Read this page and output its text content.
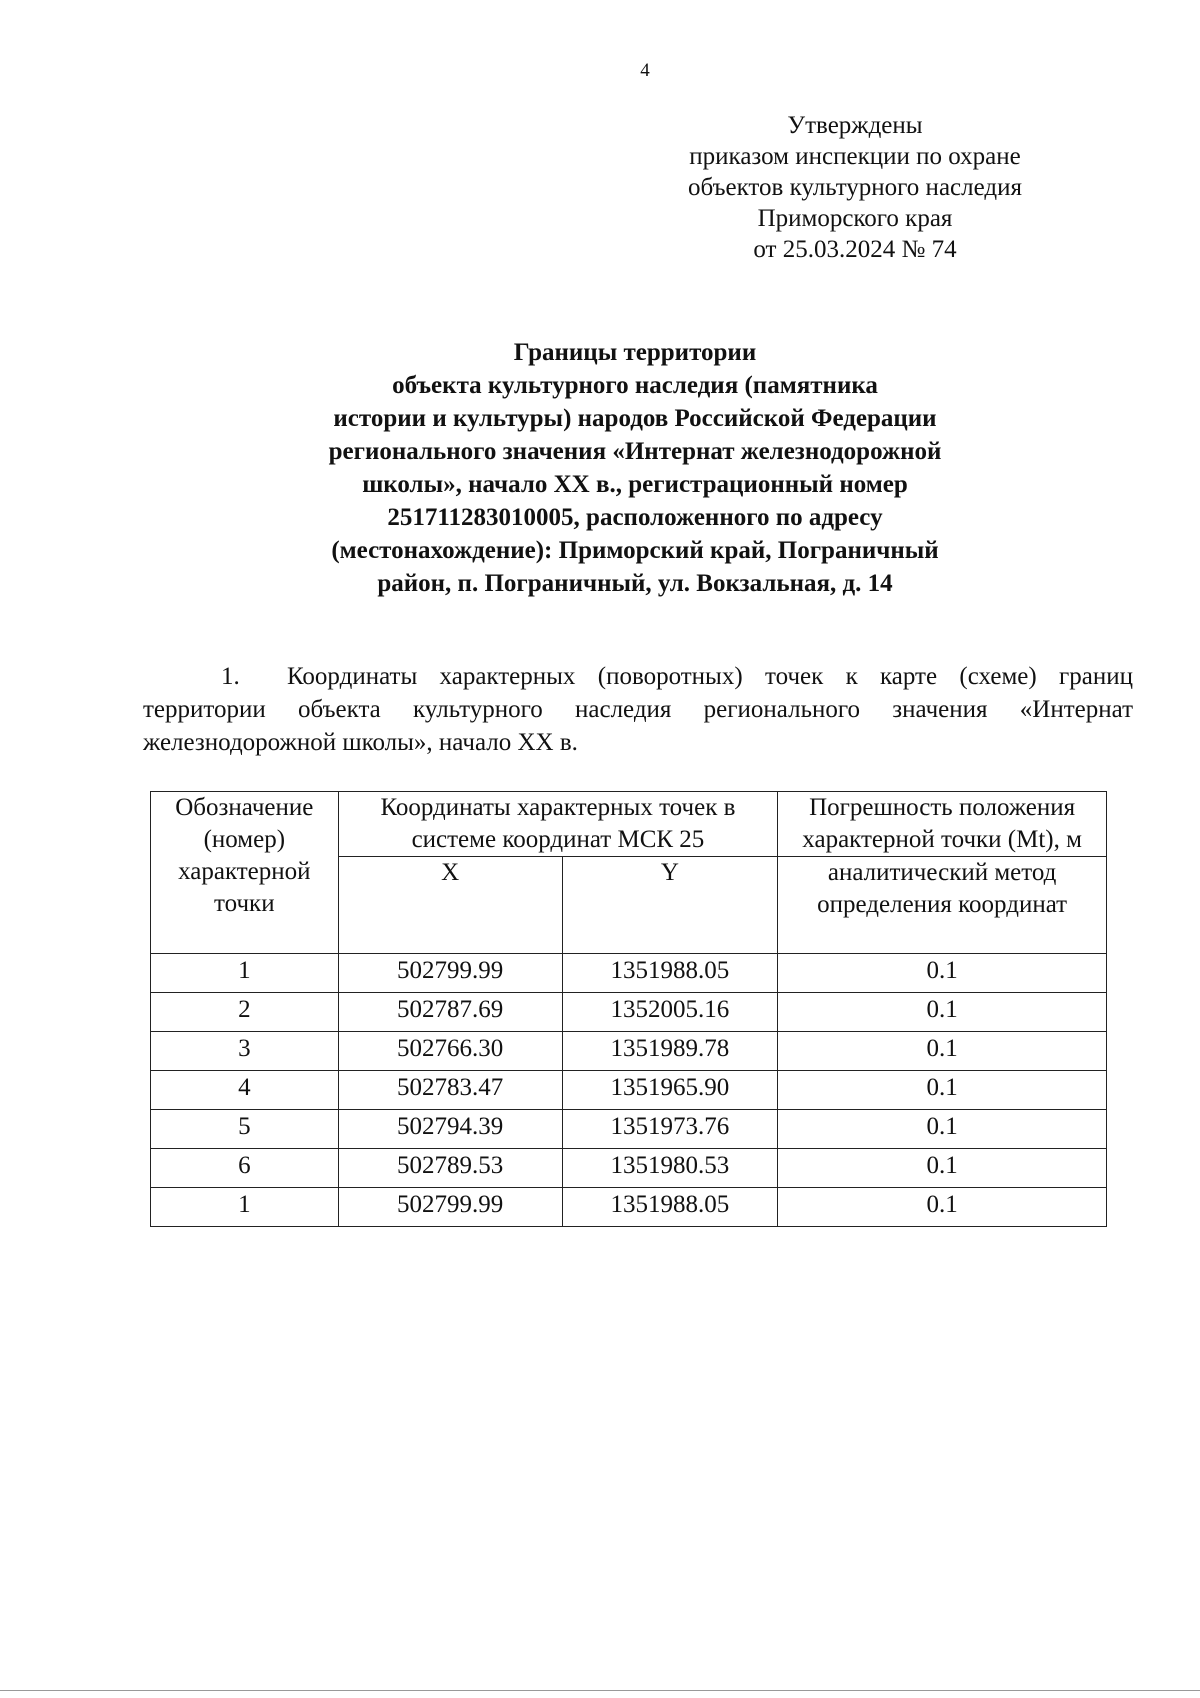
4
Утверждены
приказом инспекции по охране
объектов культурного наследия
Приморского края
от 25.03.2024 № 74
Границы территории
объекта культурного наследия (памятника
истории и культуры) народов Российской Федерации
регионального значения «Интернат железнодорожной
школы», начало XX в., регистрационный номер
251711283010005, расположенного по адресу
(местонахождение): Приморский край, Пограничный
район, п. Пограничный, ул. Вокзальная, д. 14
1. Координаты характерных (поворотных) точек к карте (схеме) границ территории объекта культурного наследия регионального значения «Интернат железнодорожной школы», начало XX в.
Обозначение (номер) характерной точки	Координаты характерных точек в системе координат МСК 25		Погрешность положения характерной точки (Mt), м
	X	Y	аналитический метод определения координат
1	502799.99	1351988.05	0.1
2	502787.69	1352005.16	0.1
3	502766.30	1351989.78	0.1
4	502783.47	1351965.90	0.1
5	502794.39	1351973.76	0.1
6	502789.53	1351980.53	0.1
1	502799.99	1351988.05	0.1
